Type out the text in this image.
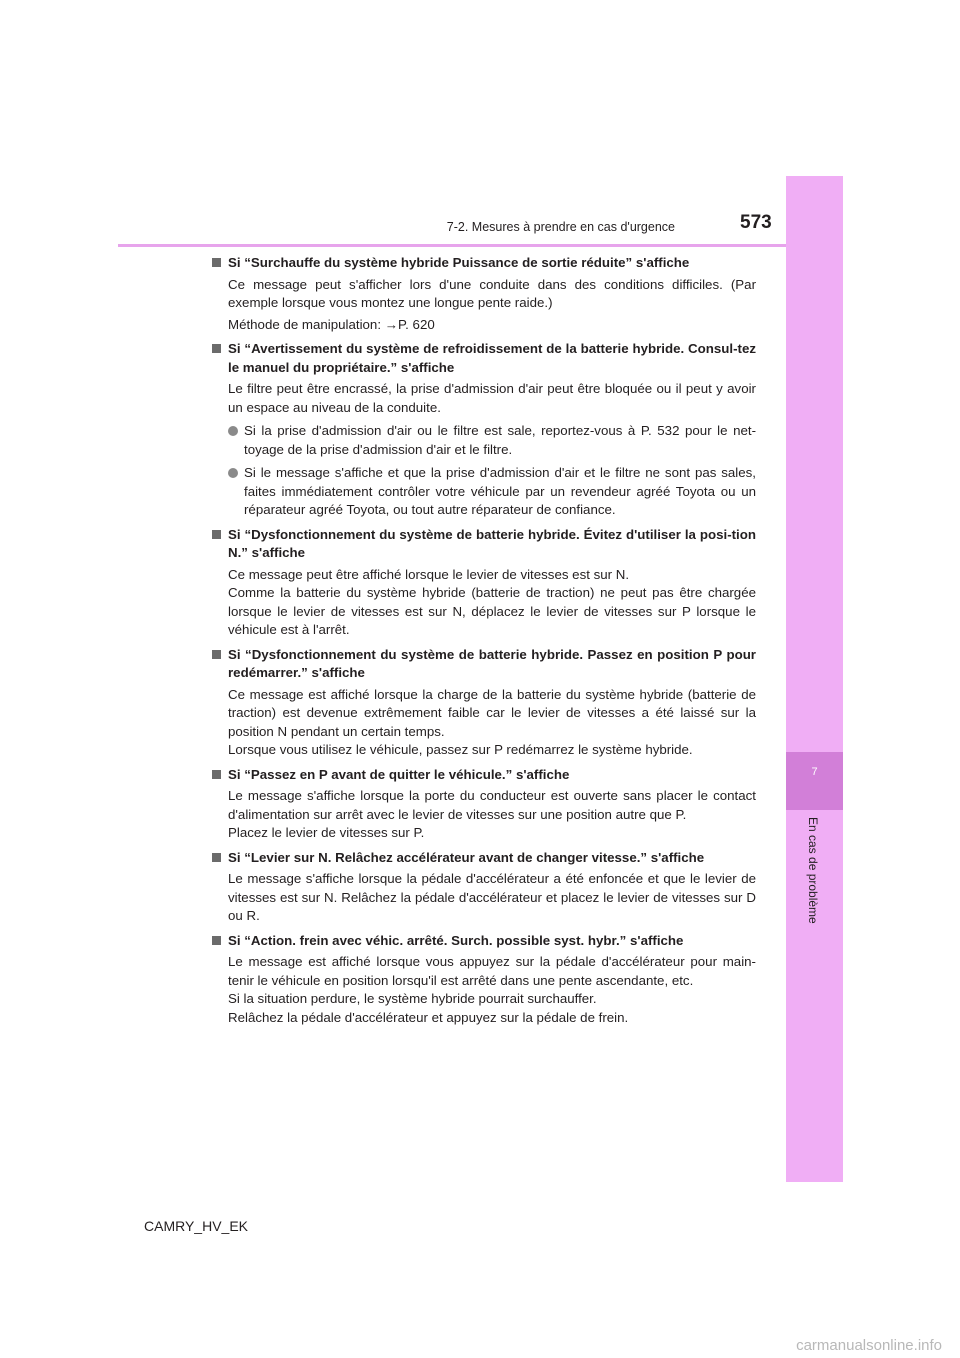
7
En cas de problème
7-2. Mesures à prendre en cas d'urgence	573
Si “Surchauffe du système hybride Puissance de sortie réduite” s'affiche
Ce message peut s'afficher lors d'une conduite dans des conditions difficiles. (Par exemple lorsque vous montez une longue pente raide.)
Méthode de manipulation: →P. 620
Si “Avertissement du système de refroidissement de la batterie hybride. Consul-tez le manuel du propriétaire.” s'affiche
Le filtre peut être encrassé, la prise d'admission d'air peut être bloquée ou il peut y avoir un espace au niveau de la conduite.
Si la prise d'admission d'air ou le filtre est sale, reportez-vous à P. 532 pour le net-toyage de la prise d'admission d'air et le filtre.
Si le message s'affiche et que la prise d'admission d'air et le filtre ne sont pas sales, faites immédiatement contrôler votre véhicule par un revendeur agréé Toyota ou un réparateur agréé Toyota, ou tout autre réparateur de confiance.
Si “Dysfonctionnement du système de batterie hybride. Évitez d'utiliser la posi-tion N.” s'affiche
Ce message peut être affiché lorsque le levier de vitesses est sur N.
Comme la batterie du système hybride (batterie de traction) ne peut pas être chargée lorsque le levier de vitesses est sur N, déplacez le levier de vitesses sur P lorsque le véhicule est à l'arrêt.
Si “Dysfonctionnement du système de batterie hybride. Passez en position P pour redémarrer.” s'affiche
Ce message est affiché lorsque la charge de la batterie du système hybride (batterie de traction) est devenue extrêmement faible car le levier de vitesses a été laissé sur la position N pendant un certain temps.
Lorsque vous utilisez le véhicule, passez sur P redémarrez le système hybride.
Si “Passez en P avant de quitter le véhicule.” s'affiche
Le message s'affiche lorsque la porte du conducteur est ouverte sans placer le contact d'alimentation sur arrêt avec le levier de vitesses sur une position autre que P.
Placez le levier de vitesses sur P.
Si “Levier sur N. Relâchez accélérateur avant de changer vitesse.” s'affiche
Le message s'affiche lorsque la pédale d'accélérateur a été enfoncée et que le levier de vitesses est sur N. Relâchez la pédale d'accélérateur et placez le levier de vitesses sur D ou R.
Si “Action. frein avec véhic. arrêté. Surch. possible syst. hybr.” s'affiche
Le message est affiché lorsque vous appuyez sur la pédale d'accélérateur pour main-tenir le véhicule en position lorsqu'il est arrêté dans une pente ascendante, etc.
Si la situation perdure, le système hybride pourrait surchauffer.
Relâchez la pédale d'accélérateur et appuyez sur la pédale de frein.
CAMRY_HV_EK
carmanualsonline.info
